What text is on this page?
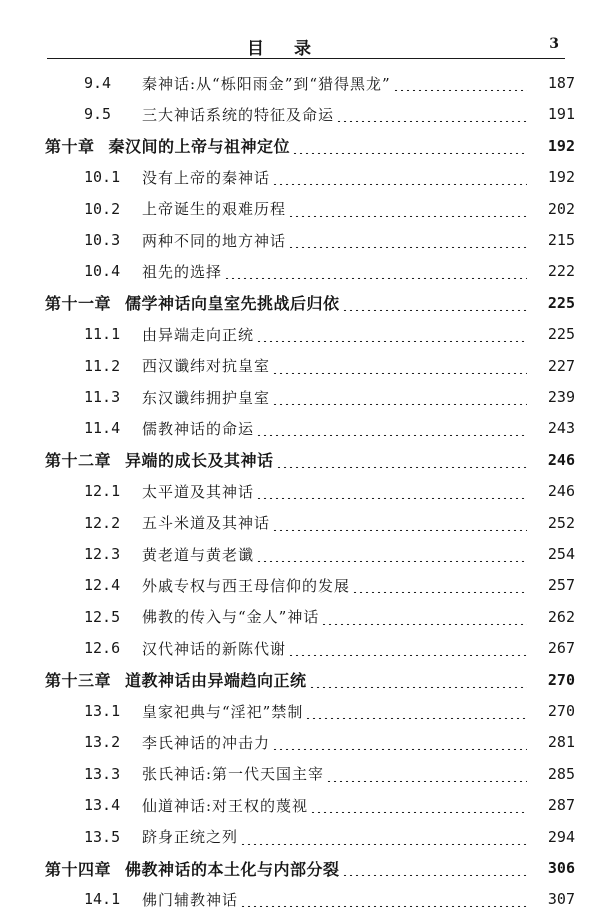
目录	3
9.4	秦神话:从“栎阳雨金”到“猎得黑龙”	187
9.5	三大神话系统的特征及命运	191
第十章 秦汉间的上帝与祖神定位	192
10.1	没有上帝的秦神话	192
10.2	上帝诞生的艰难历程	202
10.3	两种不同的地方神话	215
10.4	祖先的选择	222
第十一章 儒学神话向皇室先挑战后归依	225
11.1	由异端走向正统	225
11.2	西汉谶纬对抗皇室	227
11.3	东汉谶纬拥护皇室	239
11.4	儒教神话的命运	243
第十二章 异端的成长及其神话	246
12.1	太平道及其神话	246
12.2	五斗米道及其神话	252
12.3	黄老道与黄老谶	254
12.4	外戚专权与西王母信仰的发展	257
12.5	佛教的传入与“金人”神话	262
12.6	汉代神话的新陈代谢	267
第十三章 道教神话由异端趋向正统	270
13.1	皇家祀典与“淫祀”禁制	270
13.2	李氏神话的冲击力	281
13.3	张氏神话:第一代天国主宰	285
13.4	仙道神话:对王权的蔑视	287
13.5	跻身正统之列	294
第十四章 佛教神话的本土化与内部分裂	306
14.1	佛门辅教神话	307
